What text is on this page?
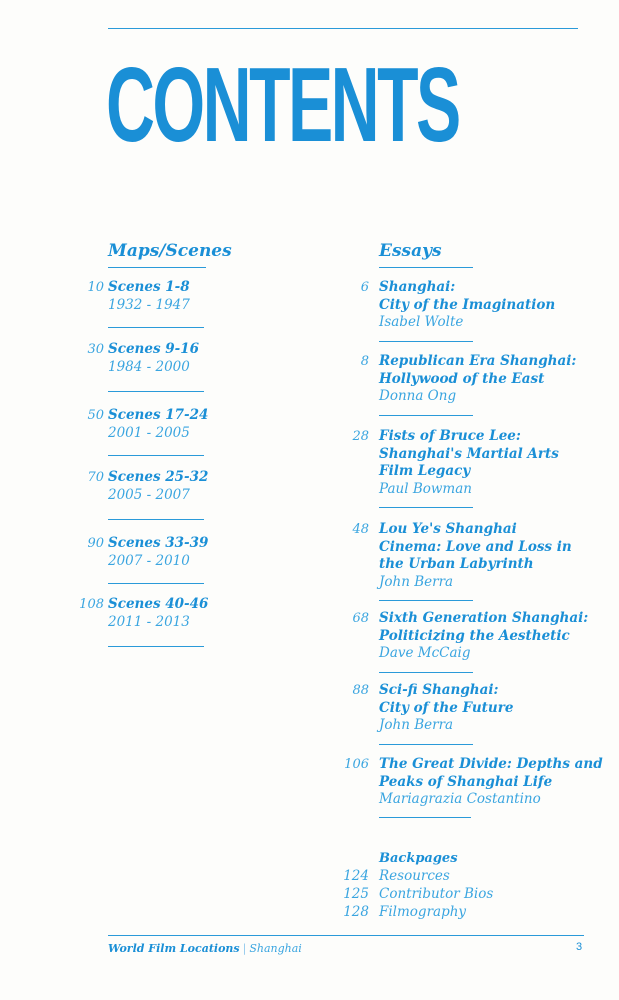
CONTENTS
Maps/Scenes
10 Scenes 1-8
1932 - 1947
30 Scenes 9-16
1984 - 2000
50 Scenes 17-24
2001 - 2005
70 Scenes 25-32
2005 - 2007
90 Scenes 33-39
2007 - 2010
108 Scenes 40-46
2011 - 2013
Essays
6 Shanghai:
City of the Imagination
Isabel Wolte
8 Republican Era Shanghai:
Hollywood of the East
Donna Ong
28 Fists of Bruce Lee:
Shanghai's Martial Arts
Film Legacy
Paul Bowman
48 Lou Ye's Shanghai
Cinema: Love and Loss in
the Urban Labyrinth
John Berra
68 Sixth Generation Shanghai:
Politicizing the Aesthetic
Dave McCaig
88 Sci-fi Shanghai:
City of the Future
John Berra
106 The Great Divide: Depths and
Peaks of Shanghai Life
Mariagrazia Costantino
Backpages
124 Resources
125 Contributor Bios
128 Filmography
World Film Locations | Shanghai	3
